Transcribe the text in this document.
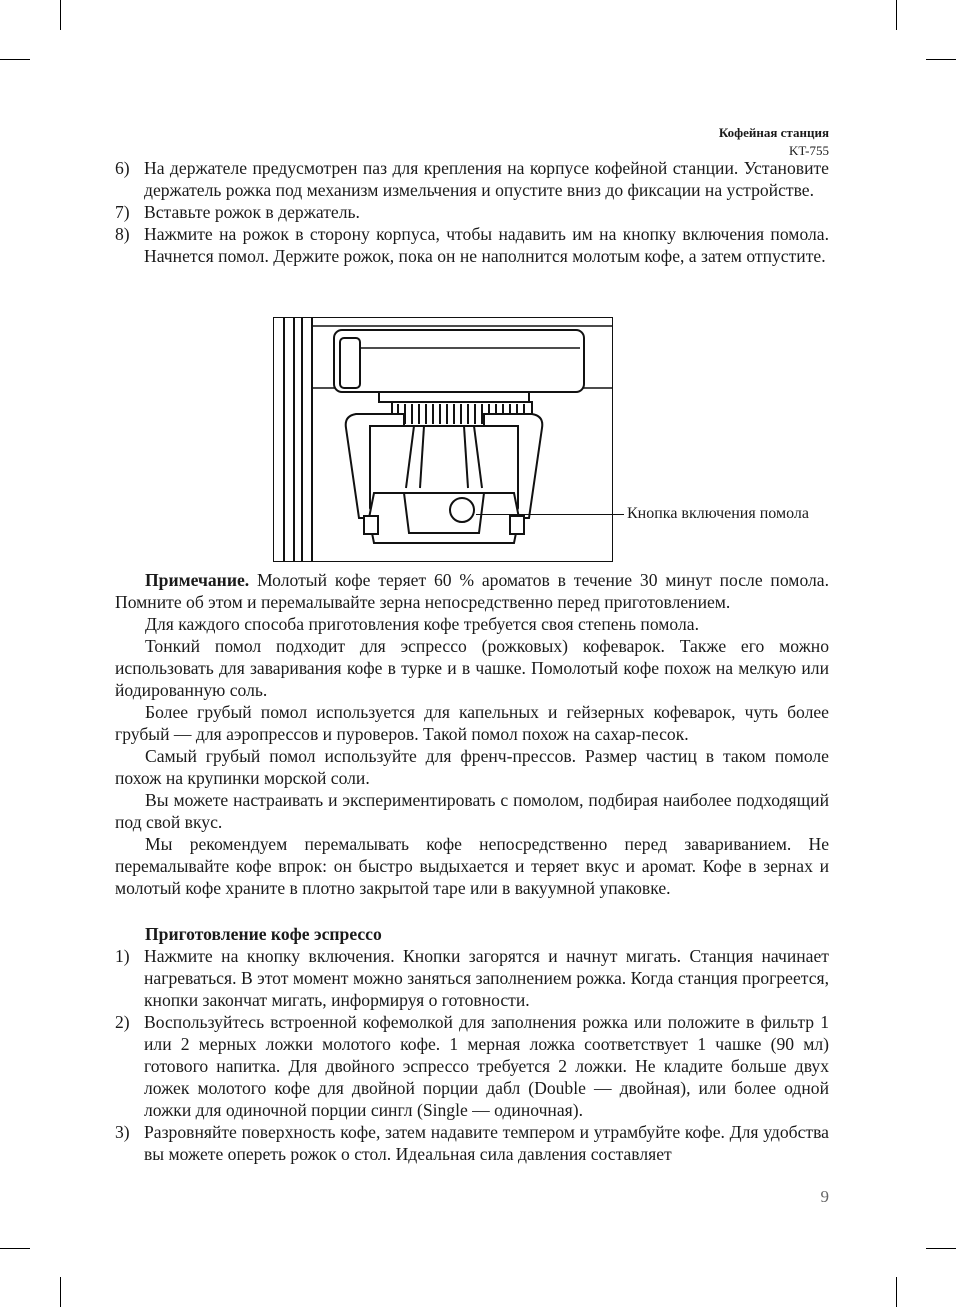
Кофейная станция
KT-755
6) На держателе предусмотрен паз для крепления на корпусе кофейной станции. Установите держатель рожка под механизм измельчения и опустите вниз до фиксации на устройстве.
7) Вставьте рожок в держатель.
8) Нажмите на рожок в сторону корпуса, чтобы надавить им на кнопку включения помола. Начнется помол. Держите рожок, пока он не наполнится молотым кофе, а затем отпустите.
Кнопка включения помола
Примечание. Молотый кофе теряет 60 % ароматов в течение 30 минут после помола. Помните об этом и перемалывайте зерна непосредственно перед приготовлением.
Для каждого способа приготовления кофе требуется своя степень помола.
Тонкий помол подходит для эспрессо (рожковых) кофеварок. Также его можно использовать для заваривания кофе в турке и в чашке. Помолотый кофе похож на мелкую или йодированную соль.
Более грубый помол используется для капельных и гейзерных кофеварок, чуть более грубый — для аэропрессов и пуроверов. Такой помол похож на сахар-песок.
Самый грубый помол используйте для френч-прессов. Размер частиц в таком помоле похож на крупинки морской соли.
Вы можете настраивать и экспериментировать с помолом, подбирая наиболее подходящий под свой вкус.
Мы рекомендуем перемалывать кофе непосредственно перед завариванием. Не перемалывайте кофе впрок: он быстро выдыхается и теряет вкус и аромат. Кофе в зернах и молотый кофе храните в плотно закрытой таре или в вакуумной упаковке.
Приготовление кофе эспрессо
1) Нажмите на кнопку включения. Кнопки загорятся и начнут мигать. Станция начинает нагреваться. В этот момент можно заняться заполнением рожка. Когда станция прогреется, кнопки закончат мигать, информируя о готовности.
2) Воспользуйтесь встроенной кофемолкой для заполнения рожка или положите в фильтр 1 или 2 мерных ложки молотого кофе. 1 мерная ложка соответствует 1 чашке (90 мл) готового напитка. Для двойного эспрессо требуется 2 ложки. Не кладите больше двух ложек молотого кофе для двойной порции дабл (Double — двойная), или более одной ложки для одиночной порции сингл (Single — одиночная).
3) Разровняйте поверхность кофе, затем надавите темпером и утрамбуйте кофе. Для удобства вы можете опереть рожок о стол. Идеальная сила давления составляет
9
